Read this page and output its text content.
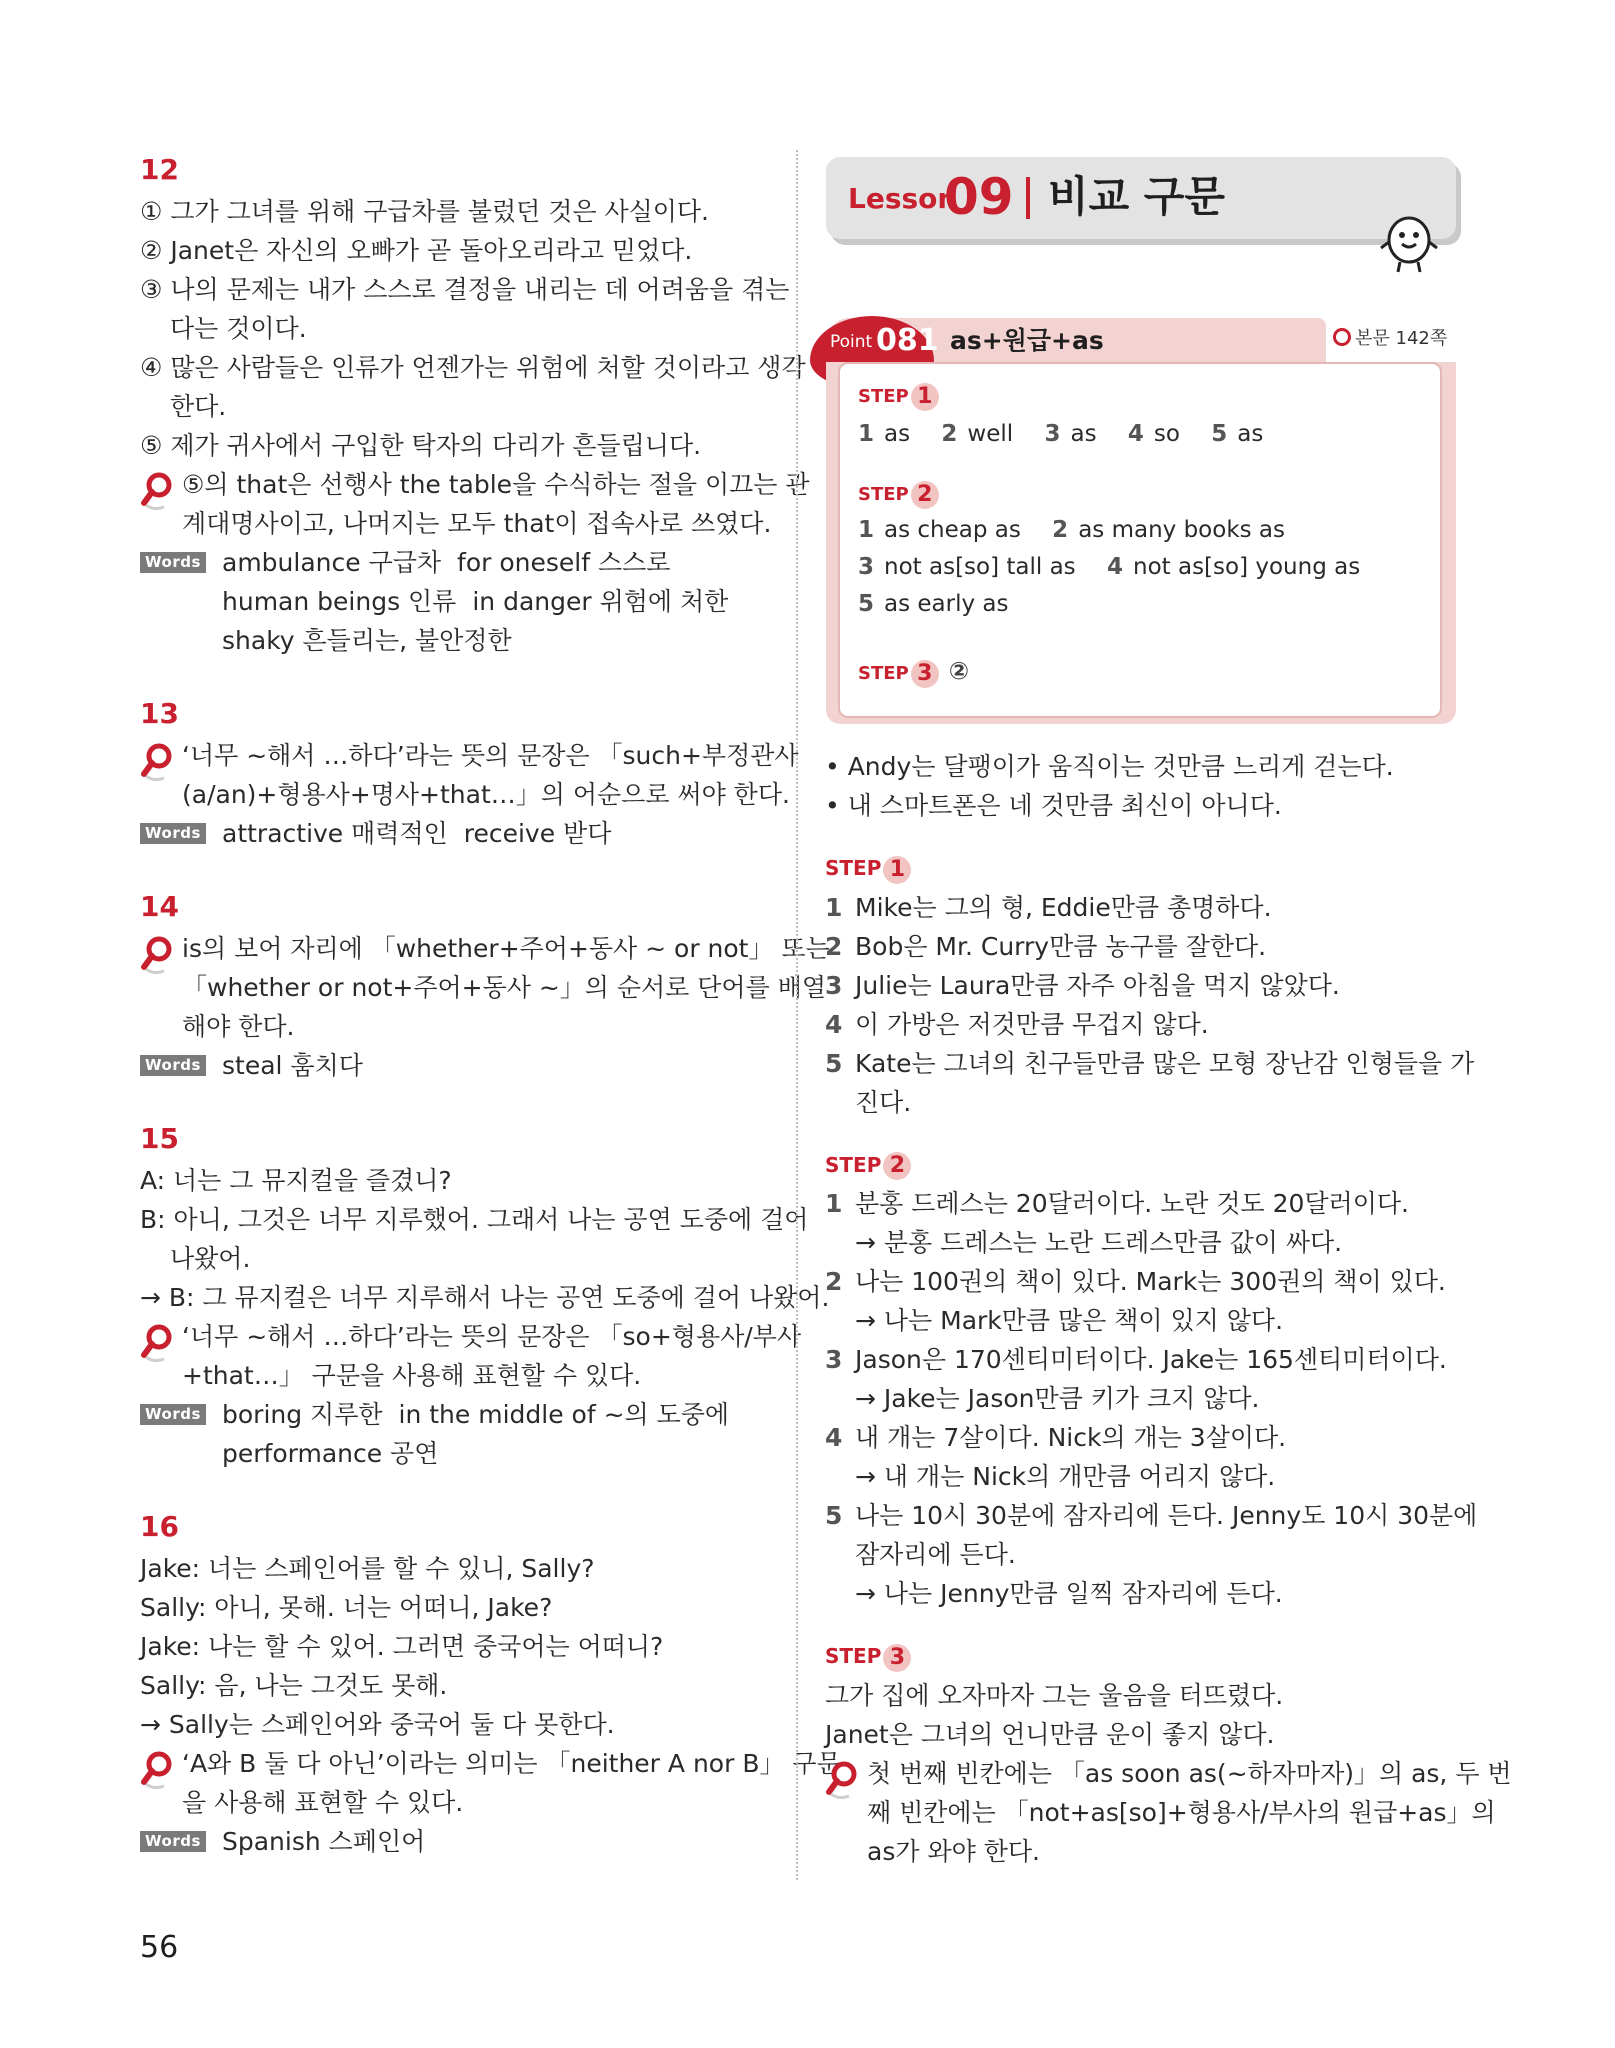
12
① 그가 그녀를 위해 구급차를 불렀던 것은 사실이다.
② Janet은 자신의 오빠가 곧 돌아오리라고 믿었다.
③ 나의 문제는 내가 스스로 결정을 내리는 데 어려움을 겪는
다는 것이다.
④ 많은 사람들은 인류가 언젠가는 위험에 처할 것이라고 생각
한다.
⑤ 제가 귀사에서 구입한 탁자의 다리가 흔들립니다.
⑤의 that은 선행사 the table을 수식하는 절을 이끄는 관
계대명사이고, 나머지는 모두 that이 접속사로 쓰였다.
Words ambulance 구급차 for oneself 스스로
human beings 인류 in danger 위험에 처한
shaky 흔들리는, 불안정한
13
‘너무 ~해서 …하다’라는 뜻의 문장은 「such+부정관사
(a/an)+형용사+명사+that…」의 어순으로 써야 한다.
Words attractive 매력적인 receive 받다
14
is의 보어 자리에 「whether+주어+동사 ~ or not」 또는
「whether or not+주어+동사 ~」의 순서로 단어를 배열
해야 한다.
Words steal 훔치다
15
A: 너는 그 뮤지컬을 즐겼니?
B: 아니, 그것은 너무 지루했어. 그래서 나는 공연 도중에 걸어
나왔어.
→ B: 그 뮤지컬은 너무 지루해서 나는 공연 도중에 걸어 나왔어.
‘너무 ~해서 …하다’라는 뜻의 문장은 「so+형용사/부사
+that…」 구문을 사용해 표현할 수 있다.
Words boring 지루한 in the middle of ~의 도중에
performance 공연
16
Jake: 너는 스페인어를 할 수 있니, Sally?
Sally: 아니, 못해. 너는 어떠니, Jake?
Jake: 나는 할 수 있어. 그러면 중국어는 어떠니?
Sally: 음, 나는 그것도 못해.
→ Sally는 스페인어와 중국어 둘 다 못한다.
‘A와 B 둘 다 아닌’이라는 의미는 「neither A nor B」 구문
을 사용해 표현할 수 있다.
Words Spanish 스페인어
Lesson
09 비교 구문
Point 081 as+원급+as	본문 142쪽
STEP 1
1 as 2 well 3 as 4 so 5 as
STEP 2
1 as cheap as 2 as many books as
3 not as[so] tall as 4 not as[so] young as
5 as early as
STEP 3 ②
• Andy는 달팽이가 움직이는 것만큼 느리게 걷는다.
• 내 스마트폰은 네 것만큼 최신이 아니다.
STEP 1
1 Mike는 그의 형, Eddie만큼 총명하다.
2 Bob은 Mr. Curry만큼 농구를 잘한다.
3 Julie는 Laura만큼 자주 아침을 먹지 않았다.
4 이 가방은 저것만큼 무겁지 않다.
5 Kate는 그녀의 친구들만큼 많은 모형 장난감 인형들을 가
진다.
STEP 2
1 분홍 드레스는 20달러이다. 노란 것도 20달러이다.
→ 분홍 드레스는 노란 드레스만큼 값이 싸다.
2 나는 100권의 책이 있다. Mark는 300권의 책이 있다.
→ 나는 Mark만큼 많은 책이 있지 않다.
3 Jason은 170센티미터이다. Jake는 165센티미터이다.
→ Jake는 Jason만큼 키가 크지 않다.
4 내 개는 7살이다. Nick의 개는 3살이다.
→ 내 개는 Nick의 개만큼 어리지 않다.
5 나는 10시 30분에 잠자리에 든다. Jenny도 10시 30분에
잠자리에 든다.
→ 나는 Jenny만큼 일찍 잠자리에 든다.
STEP 3
그가 집에 오자마자 그는 울음을 터뜨렸다.
Janet은 그녀의 언니만큼 운이 좋지 않다.
첫 번째 빈칸에는 「as soon as(~하자마자)」의 as, 두 번
째 빈칸에는 「not+as[so]+형용사/부사의 원급+as」의
as가 와야 한다.
56
